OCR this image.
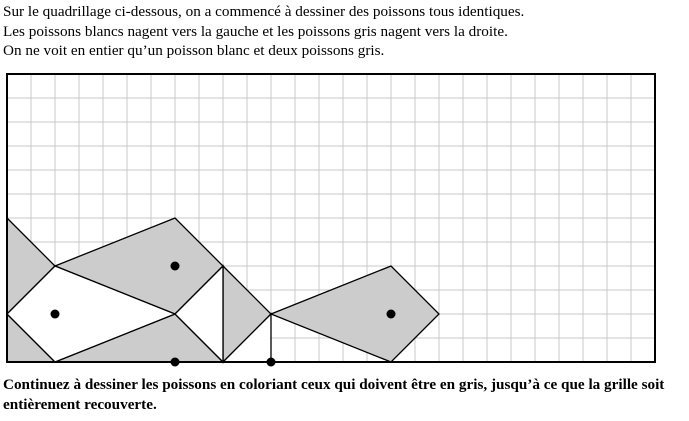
Sur le quadrillage ci-dessous, on a commencé à dessiner des poissons tous identiques.

Les poissons blancs nagent vers la gauche et les poissons gris nagent vers la droite.

On ne voit en entier qu’un poisson blanc et deux poissons gris.

Continuez à dessiner les poissons en coloriant ceux qui doivent être en gris, jusqu’à ce que la grille soit entièrement recouverte.
